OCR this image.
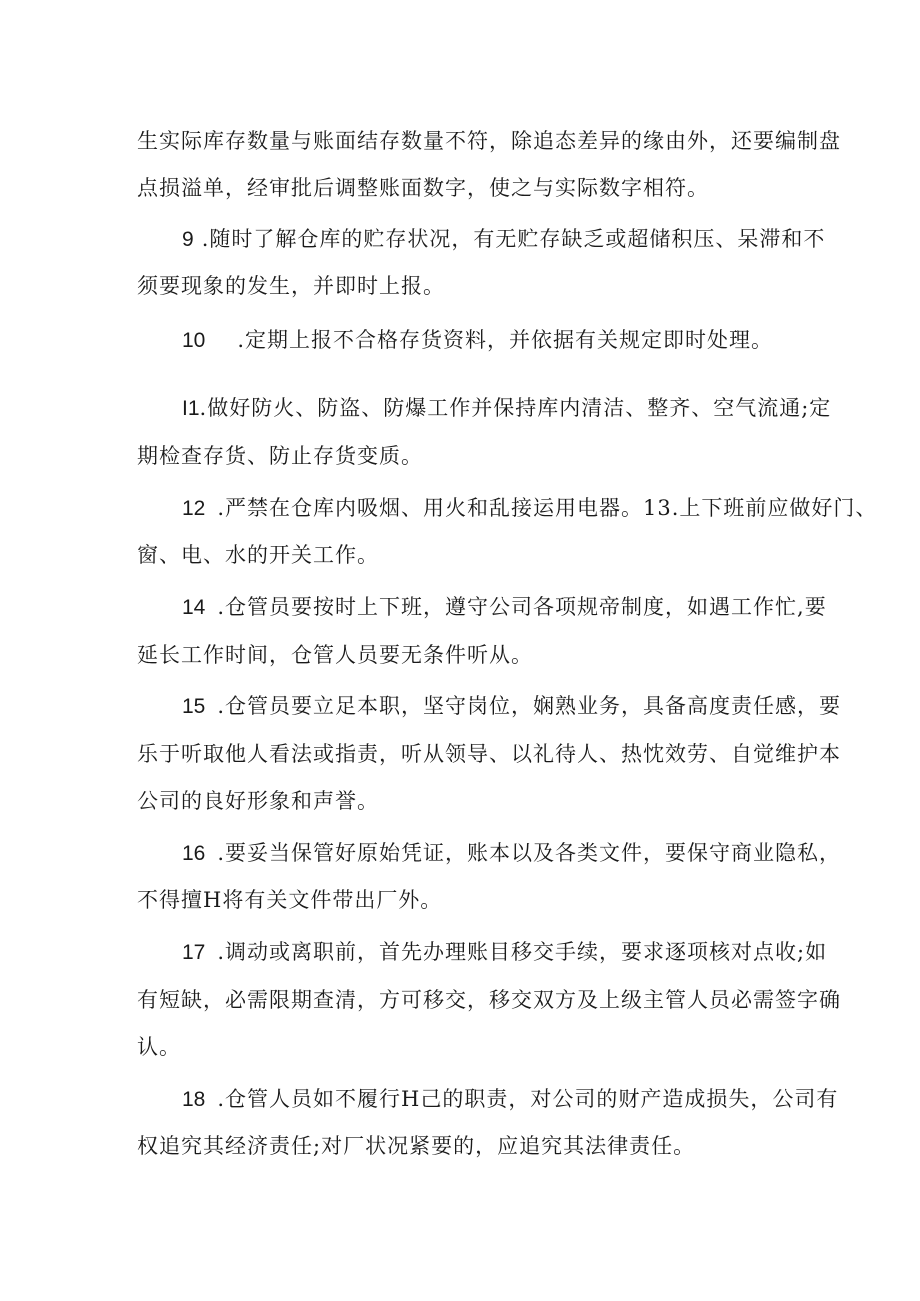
生实际库存数量与账面结存数量不符，除追态差异的缘由外，还要编制盘
点损溢单，经审批后调整账面数字，使之与实际数字相符。
9 .随时了解仓库的贮存状况，有无贮存缺乏或超储积压、呆滞和不
须要现象的发生，并即时上报。
10 .定期上报不合格存货资料，并依据有关规定即时处理。
I1.做好防火、防盗、防爆工作并保持库内清洁、整齐、空气流通;定
期检查存货、防止存货变质。
12 .严禁在仓库内吸烟、用火和乱接运用电器。13.上下班前应做好门、
窗、电、水的开关工作。
14 .仓管员要按时上下班，遵守公司各项规帝制度，如遇工作忙,要
延长工作时间，仓管人员要无条件听从。
15 .仓管员要立足本职，坚守岗位，娴熟业务，具备高度责任感，要
乐于听取他人看法或指责，听从领导、以礼待人、热忱效劳、自觉维护本
公司的良好形象和声誉。
16 .要妥当保管好原始凭证，账本以及各类文件，要保守商业隐私，
不得擅H将有关文件带出厂外。
17 .调动或离职前，首先办理账目移交手续，要求逐项核对点收;如
有短缺，必需限期查清，方可移交，移交双方及上级主管人员必需签字确
认。
18 .仓管人员如不履行H己的职责，对公司的财产造成损失，公司有
权追究其经济责任;对厂状况紧要的，应追究其法律责任。
